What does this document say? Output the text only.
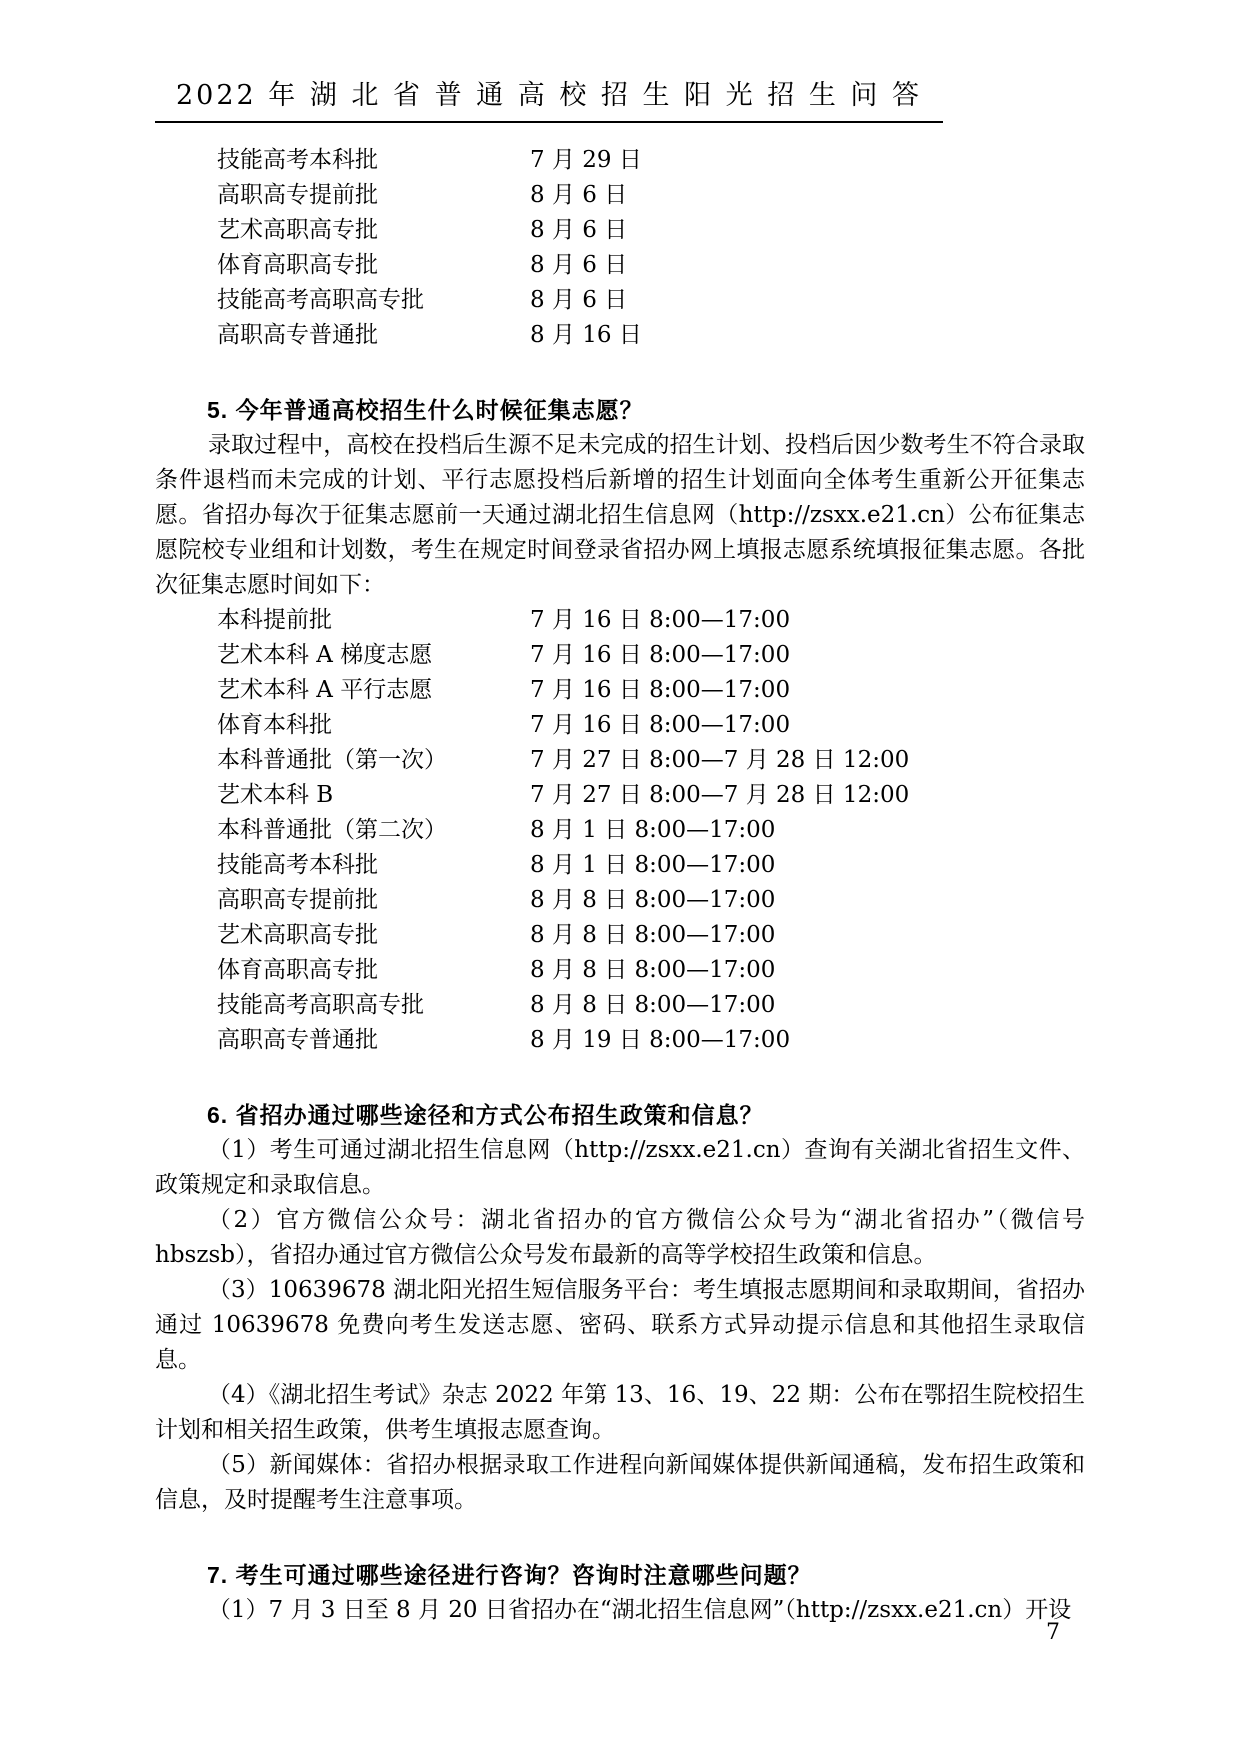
2022 年 湖 北 省 普 通 高 校 招 生 阳 光 招 生 问 答
技能高考本科批	7 月 29 日
高职高专提前批	8 月 6 日
艺术高职高专批	8 月 6 日
体育高职高专批	8 月 6 日
技能高考高职高专批	8 月 6 日
高职高专普通批	8 月 16 日
5. 今年普通高校招生什么时候征集志愿？

录取过程中，高校在投档后生源不足未完成的招生计划、投档后因少数考生不符合录取条件退档而未完成的计划、平行志愿投档后新增的招生计划面向全体考生重新公开征集志愿。省招办每次于征集志愿前一天通过湖北招生信息网（http://zsxx.e21.cn）公布征集志愿院校专业组和计划数，考生在规定时间登录省招办网上填报志愿系统填报征集志愿。各批次征集志愿时间如下：

本科提前批	7 月 16 日 8:00—17:00
艺术本科 A 梯度志愿	7 月 16 日 8:00—17:00
艺术本科 A 平行志愿	7 月 16 日 8:00—17:00
体育本科批	7 月 16 日 8:00—17:00
本科普通批（第一次）	7 月 27 日 8:00—7 月 28 日 12:00
艺术本科 B	7 月 27 日 8:00—7 月 28 日 12:00
本科普通批（第二次）	8 月 1 日 8:00—17:00
技能高考本科批	8 月 1 日 8:00—17:00
高职高专提前批	8 月 8 日 8:00—17:00
艺术高职高专批	8 月 8 日 8:00—17:00
体育高职高专批	8 月 8 日 8:00—17:00
技能高考高职高专批	8 月 8 日 8:00—17:00
高职高专普通批	8 月 19 日 8:00—17:00
6. 省招办通过哪些途径和方式公布招生政策和信息？

（1）考生可通过湖北招生信息网（http://zsxx.e21.cn）查询有关湖北省招生文件、政策规定和录取信息。

（2）官方微信公众号：湖北省招办的官方微信公众号为“湖北省招办”（微信号 hbszsb），省招办通过官方微信公众号发布最新的高等学校招生政策和信息。

（3）10639678 湖北阳光招生短信服务平台：考生填报志愿期间和录取期间，省招办通过 10639678 免费向考生发送志愿、密码、联系方式异动提示信息和其他招生录取信息。

（4）《湖北招生考试》杂志 2022 年第 13、16、19、22 期：公布在鄂招生院校招生计划和相关招生政策，供考生填报志愿查询。

（5）新闻媒体：省招办根据录取工作进程向新闻媒体提供新闻通稿，发布招生政策和信息，及时提醒考生注意事项。

7. 考生可通过哪些途径进行咨询？咨询时注意哪些问题？

（1）7 月 3 日至 8 月 20 日省招办在“湖北招生信息网”（http://zsxx.e21.cn）开设

7
